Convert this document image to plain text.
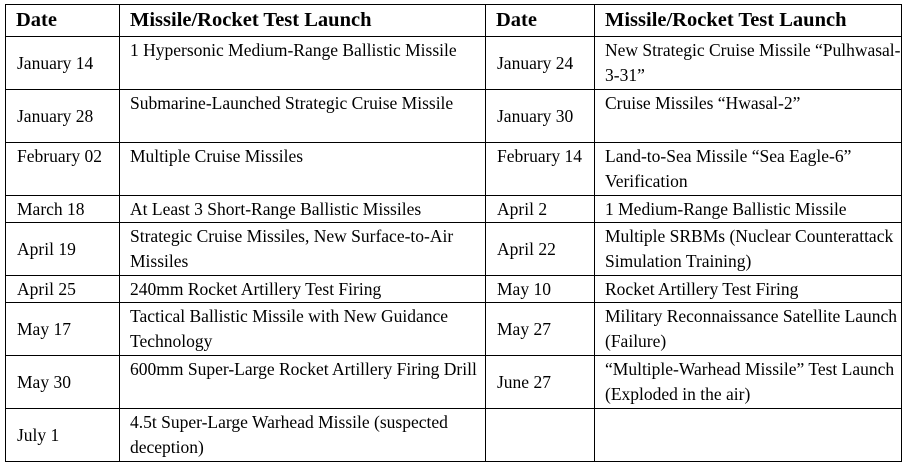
Date	Missile/Rocket Test Launch	Date	Missile/Rocket Test Launch
January 14	1 Hypersonic Medium-Range Ballistic Missile	January 24	New Strategic Cruise Missile “Pulhwasal-3-31”
January 28	Submarine-Launched Strategic Cruise Missile	January 30	Cruise Missiles “Hwasal-2”
February 02	Multiple Cruise Missiles	February 14	Land-to-Sea Missile “Sea Eagle-6” Verification
March 18	At Least 3 Short-Range Ballistic Missiles	April 2	1 Medium-Range Ballistic Missile
April 19	Strategic Cruise Missiles, New Surface-to-Air Missiles	April 22	Multiple SRBMs (Nuclear Counterattack Simulation Training)
April 25	240mm Rocket Artillery Test Firing	May 10	Rocket Artillery Test Firing
May 17	Tactical Ballistic Missile with New Guidance Technology	May 27	Military Reconnaissance Satellite Launch (Failure)
May 30	600mm Super-Large Rocket Artillery Firing Drill	June 27	“Multiple-Warhead Missile” Test Launch (Exploded in the air)
July 1	4.5t Super-Large Warhead Missile (suspected deception)		
